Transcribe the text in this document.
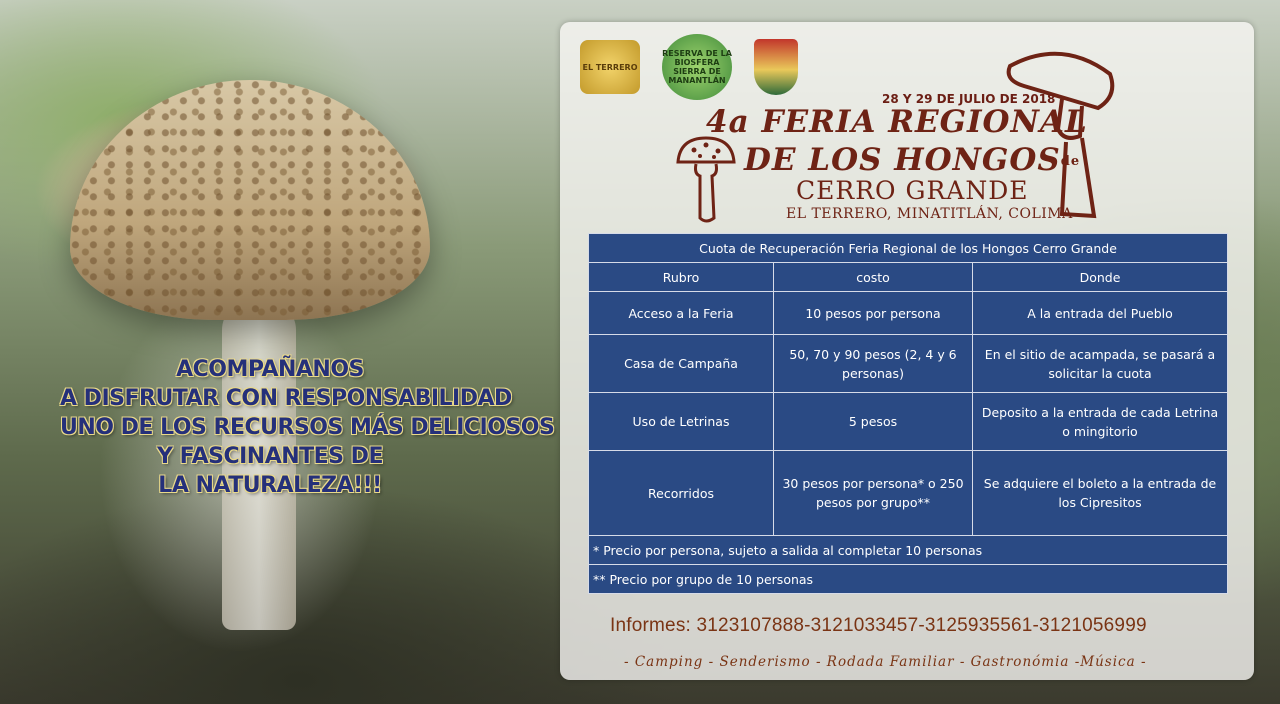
ACOMPAÑANOS
A DISFRUTAR CON RESPONSABILIDAD
UNO DE LOS RECURSOS MÁS DELICIOSOS
Y FASCINANTES DE
LA NATURALEZA!!!
EL TERRERO
RESERVA DE LA BIOSFERA SIERRA DE MANANTLÁN
28 Y 29 DE JULIO DE 2018
4a FERIA REGIONAL
DE LOS HONGOSde
CERRO GRANDE
EL TERRERO, MINATITLÁN, COLIMA
Cuota de Recuperación Feria Regional de los Hongos Cerro Grande		
Rubro	costo	Donde
Acceso a la Feria	10 pesos por persona	A la entrada del Pueblo
Casa de Campaña	50, 70 y 90 pesos (2, 4 y 6 personas)	En el sitio de acampada, se pasará a solicitar la cuota
Uso de Letrinas	5 pesos	Deposito a la entrada de cada Letrina o mingitorio
Recorridos	30 pesos por persona* o 250 pesos por grupo**	Se adquiere el boleto a la entrada de los Cipresitos
* Precio por persona, sujeto a salida al completar 10 personas		
** Precio por grupo de 10 personas		
Informes: 3123107888-3121033457-3125935561-3121056999
- Camping - Senderismo - Rodada Familiar - Gastronómia -Música -
